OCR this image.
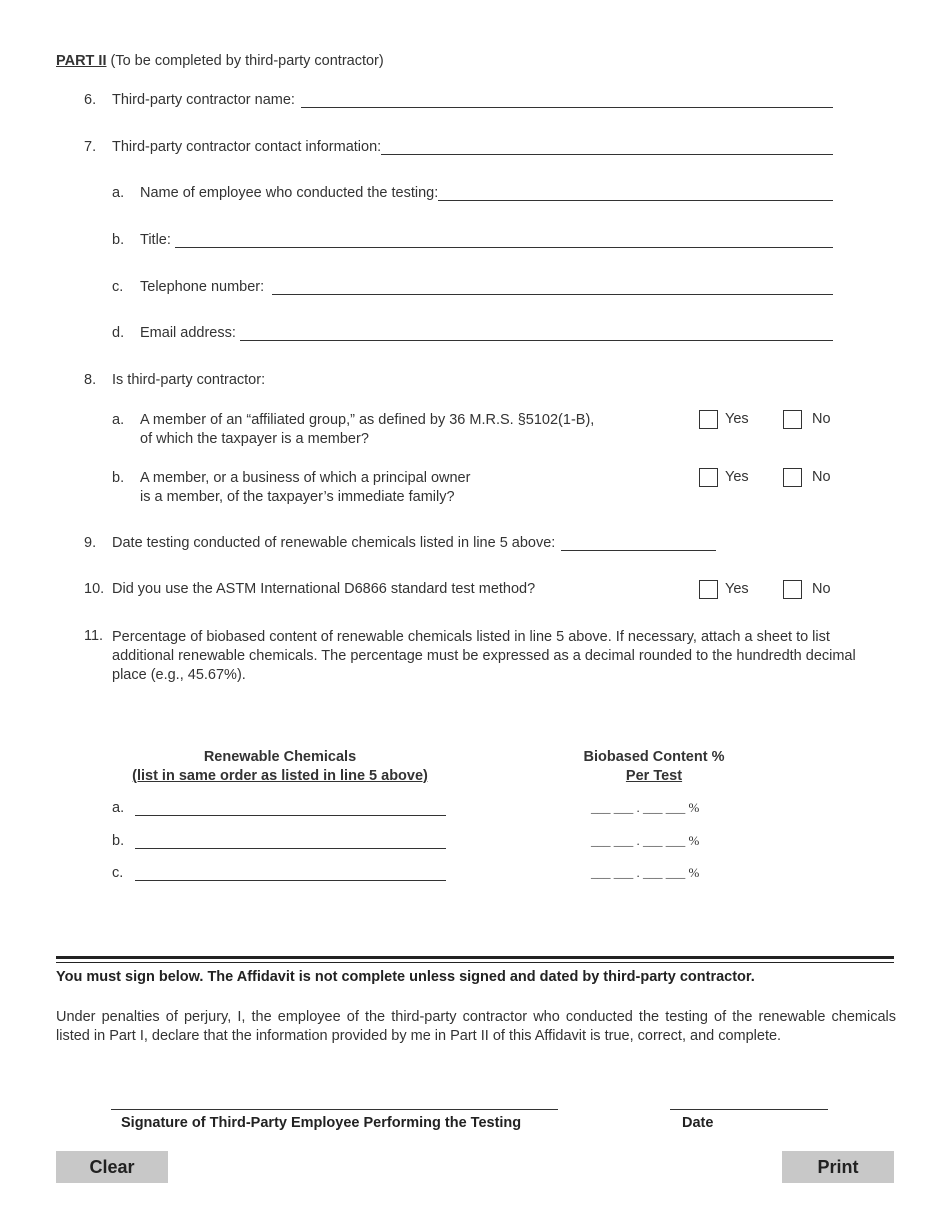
PART II (To be completed by third-party contractor)
6.	Third-party contractor name:
7.	Third-party contractor contact information:
a.	Name of employee who conducted the testing:
b.	Title:
c.	Telephone number:
d.	Email address:
8.	Is third-party contractor:
a. A member of an “affiliated group,” as defined by 36 M.R.S. §5102(1-B),
of which the taxpayer is a member?
Yes	No
b. A member, or a business of which a principal owner
is a member, of the taxpayer’s immediate family?
Yes	No
9.	Date testing conducted of renewable chemicals listed in line 5 above:
10. Did you use the ASTM International D6866 standard test method?	Yes	No
11. Percentage of biobased content of renewable chemicals listed in line 5 above. If necessary, attach a sheet to list additional renewable chemicals. The percentage must be expressed as a decimal rounded to the hundredth decimal place (e.g., 45.67%).
Renewable Chemicals
(list in same order as listed in line 5 above)
Biobased Content %
Per Test
a.	___ ___ . ___ ___ %
b.	___ ___ . ___ ___ %
c.	___ ___ . ___ ___ %
You must sign below. The Affidavit is not complete unless signed and dated by third-party contractor.
Under penalties of perjury, I, the employee of the third-party contractor who conducted the testing of the renewable chemicals listed in Part I, declare that the information provided by me in Part II of this Affidavit is true, correct, and complete.
Signature of Third-Party Employee Performing the Testing	Date
Clear	Print
